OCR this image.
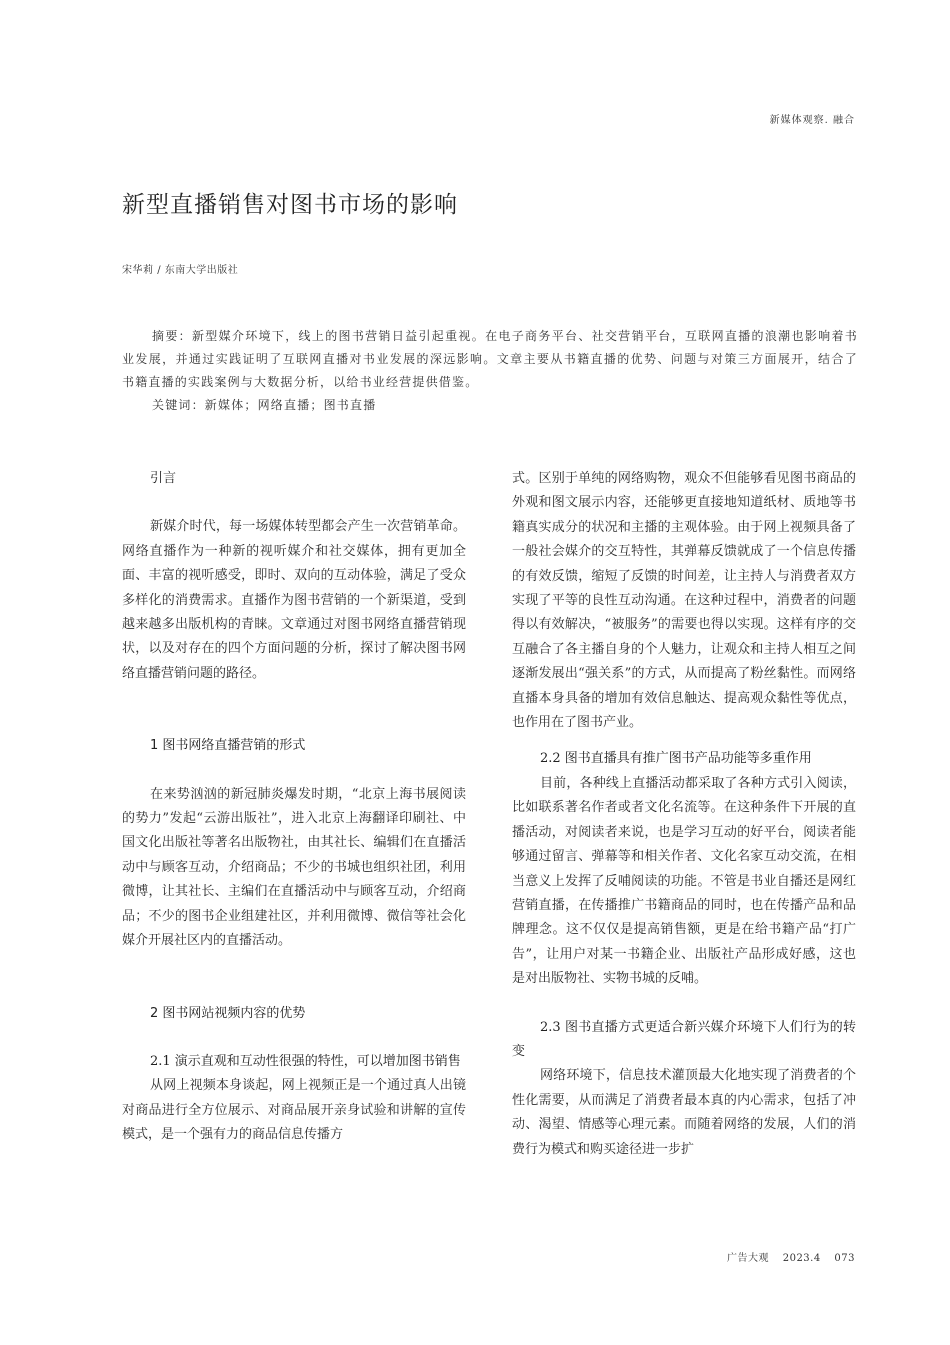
新媒体观察. 融合
新型直播销售对图书市场的影响
宋华莉 / 东南大学出版社

摘要：新型媒介环境下，线上的图书营销日益引起重视。在电子商务平台、社交营销平台，互联网直播的浪潮也影响着书业发展，并通过实践证明了互联网直播对书业发展的深远影响。文章主要从书籍直播的优势、问题与对策三方面展开，结合了书籍直播的实践案例与大数据分析，以给书业经营提供借鉴。

关键词：新媒体；网络直播；图书直播

引言

新媒介时代，每一场媒体转型都会产生一次营销革命。网络直播作为一种新的视听媒介和社交媒体，拥有更加全面、丰富的视听感受，即时、双向的互动体验，满足了受众多样化的消费需求。直播作为图书营销的一个新渠道，受到越来越多出版机构的青睐。文章通过对图书网络直播营销现状，以及对存在的四个方面问题的分析，探讨了解决图书网络直播营销问题的路径。

1 图书网络直播营销的形式

在来势汹汹的新冠肺炎爆发时期，“北京上海书展阅读的势力”发起“云游出版社”，进入北京上海翻译印刷社、中国文化出版社等著名出版物社，由其社长、编辑们在直播活动中与顾客互动，介绍商品；不少的书城也组织社团，利用微博，让其社长、主编们在直播活动中与顾客互动，介绍商品；不少的图书企业组建社区，并利用微博、微信等社会化媒介开展社区内的直播活动。

2 图书网站视频内容的优势

2.1 演示直观和互动性很强的特性，可以增加图书销售

从网上视频本身谈起，网上视频正是一个通过真人出镜对商品进行全方位展示、对商品展开亲身试验和讲解的宣传模式，是一个强有力的商品信息传播方

式。区别于单纯的网络购物，观众不但能够看见图书商品的外观和图文展示内容，还能够更直接地知道纸材、质地等书籍真实成分的状况和主播的主观体验。由于网上视频具备了一般社会媒介的交互特性，其弹幕反馈就成了一个信息传播的有效反馈，缩短了反馈的时间差，让主持人与消费者双方实现了平等的良性互动沟通。在这种过程中，消费者的问题得以有效解决，“被服务”的需要也得以实现。这样有序的交互融合了各主播自身的个人魅力，让观众和主持人相互之间逐渐发展出“强关系”的方式，从而提高了粉丝黏性。而网络直播本身具备的增加有效信息触达、提高观众黏性等优点，也作用在了图书产业。

2.2 图书直播具有推广图书产品功能等多重作用

目前，各种线上直播活动都采取了各种方式引入阅读，比如联系著名作者或者文化名流等。在这种条件下开展的直播活动，对阅读者来说，也是学习互动的好平台，阅读者能够通过留言、弹幕等和相关作者、文化名家互动交流，在相当意义上发挥了反哺阅读的功能。不管是书业自播还是网红营销直播，在传播推广书籍商品的同时，也在传播产品和品牌理念。这不仅仅是提高销售额，更是在给书籍产品“打广告”，让用户对某一书籍企业、出版社产品形成好感，这也是对出版物社、实物书城的反哺。

2.3 图书直播方式更适合新兴媒介环境下人们行为的转变

网络环境下，信息技术灌顶最大化地实现了消费者的个性化需要，从而满足了消费者最本真的内心需求，包括了冲动、渴望、情感等心理元素。而随着网络的发展，人们的消费行为模式和购买途径进一步扩

广告大观 2023.4 073
